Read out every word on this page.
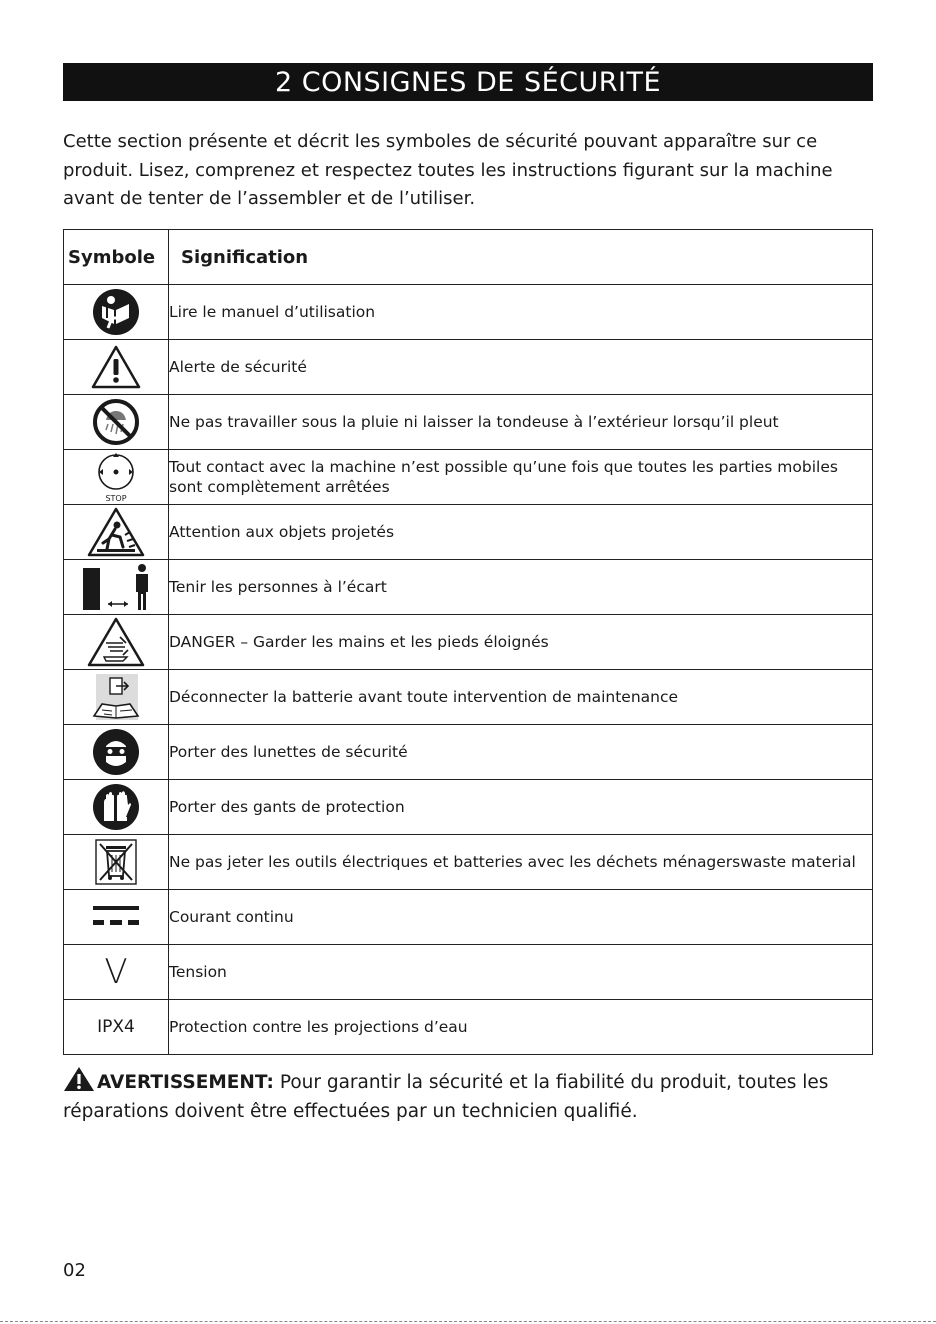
2 CONSIGNES DE SÉCURITÉ
Cette section présente et décrit les symboles de sécurité pouvant apparaître sur ce produit. Lisez, comprenez et respectez toutes les instructions figurant sur la machine avant de tenter de l’assembler et de l’utiliser.
Symbole	Signification

	Lire le manuel d’utilisation

	Alerte de sécurité

	Ne pas travailler sous la pluie ni laisser la tondeuse à l’extérieur lorsqu’il pleut

STOP	Tout contact avec la machine n’est possible qu’une fois que toutes les parties mobiles sont complètement arrêtées

	Attention aux objets projetés

	Tenir les personnes à l’écart

	DANGER – Garder les mains et les pieds éloignés

	Déconnecter la batterie avant toute intervention de maintenance

	Porter des lunettes de sécurité

	Porter des gants de protection

	Ne pas jeter les outils électriques et batteries avec les déchets ménagerswaste material

	Courant continu
V	Tension
IPX4	Protection contre les projections d’eau
AVERTISSEMENT: Pour garantir la sécurité et la fiabilité du produit, toutes les réparations doivent être effectuées par un technicien qualifié.
02
